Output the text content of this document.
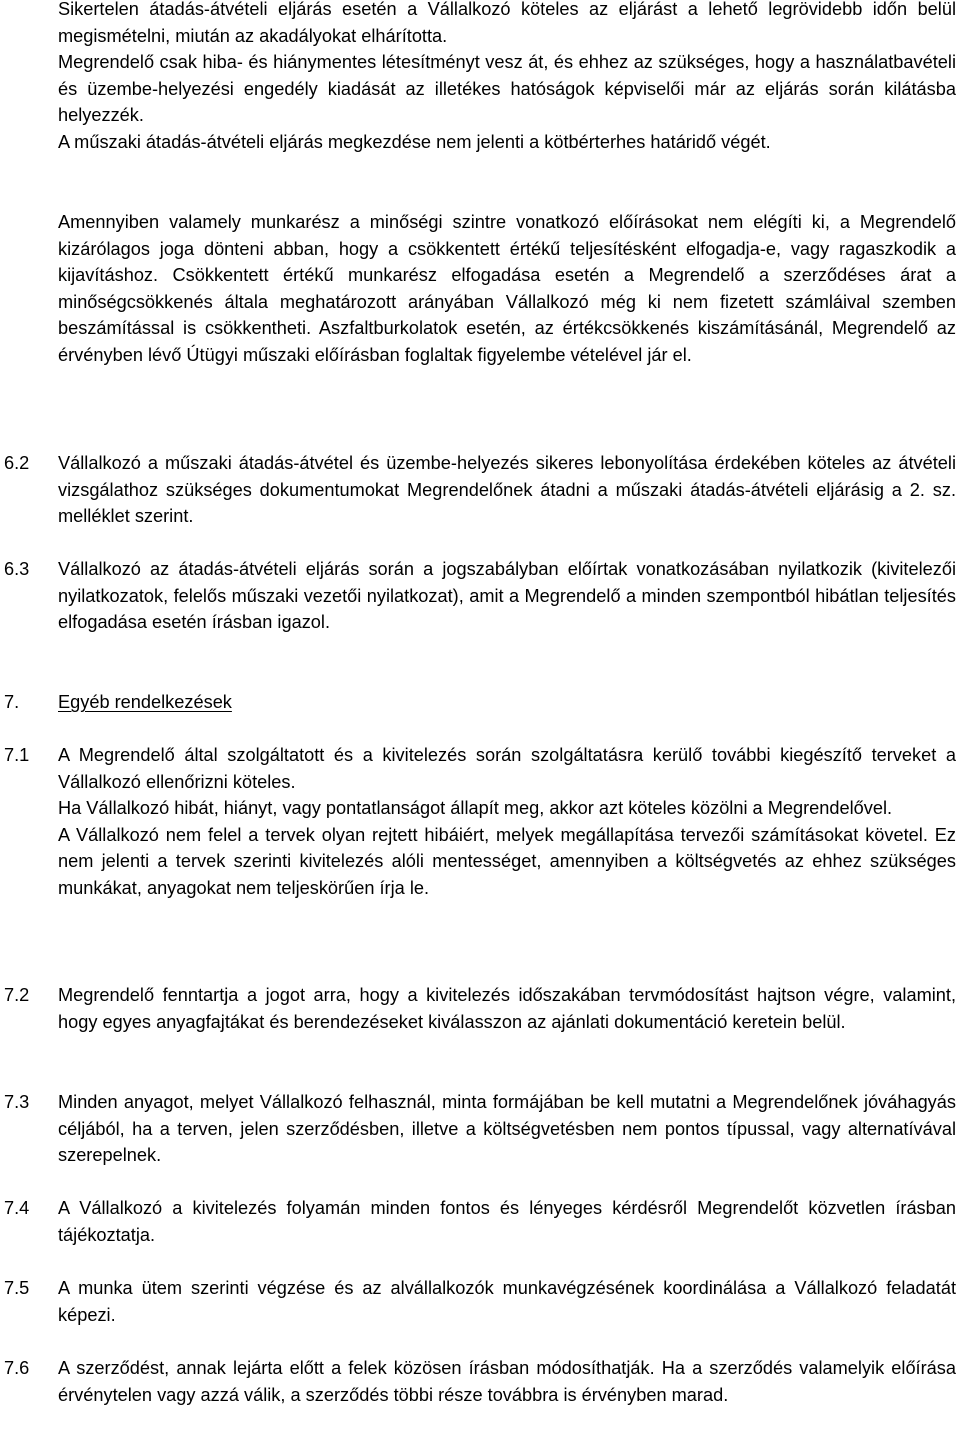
Sikertelen átadás-átvételi eljárás esetén a Vállalkozó köteles az eljárást a lehető legrövidebb időn belül megismételni, miután az akadályokat elhárította.

Megrendelő csak hiba- és hiánymentes létesítményt vesz át, és ehhez az szükséges, hogy a használatbavételi és üzembe-helyezési engedély kiadását az illetékes hatóságok képviselői már az eljárás során kilátásba helyezzék.

A műszaki átadás-átvételi eljárás megkezdése nem jelenti a kötbérterhes határidő végét.

Amennyiben valamely munkarész a minőségi szintre vonatkozó előírásokat nem elégíti ki, a Megrendelő kizárólagos joga dönteni abban, hogy a csökkentett értékű teljesítésként elfogadja-e, vagy ragaszkodik a kijavításhoz. Csökkentett értékű munkarész elfogadása esetén a Megrendelő a szerződéses árat a minőségcsökkenés általa meghatározott arányában Vállalkozó még ki nem fizetett számláival szemben beszámítással is csökkentheti. Aszfaltburkolatok esetén, az értékcsökkenés kiszámításánál, Megrendelő az érvényben lévő Útügyi műszaki előírásban foglaltak figyelembe vételével jár el.

6.2 Vállalkozó a műszaki átadás-átvétel és üzembe-helyezés sikeres lebonyolítása érdekében köteles az átvételi vizsgálathoz szükséges dokumentumokat Megrendelőnek átadni a műszaki átadás-átvételi eljárásig a 2. sz. melléklet szerint.

6.3 Vállalkozó az átadás-átvételi eljárás során a jogszabályban előírtak vonatkozásában nyilatkozik (kivitelezői nyilatkozatok, felelős műszaki vezetői nyilatkozat), amit a Megrendelő a minden szempontból hibátlan teljesítés elfogadása esetén írásban igazol.

7. Egyéb rendelkezések
7.1 A Megrendelő által szolgáltatott és a kivitelezés során szolgáltatásra kerülő további kiegészítő terveket a Vállalkozó ellenőrizni köteles.

Ha Vállalkozó hibát, hiányt, vagy pontatlanságot állapít meg, akkor azt köteles közölni a Megrendelővel.

A Vállalkozó nem felel a tervek olyan rejtett hibáiért, melyek megállapítása tervezői számításokat követel. Ez nem jelenti a tervek szerinti kivitelezés alóli mentességet, amennyiben a költségvetés az ehhez szükséges munkákat, anyagokat nem teljeskörűen írja le.

7.2 Megrendelő fenntartja a jogot arra, hogy a kivitelezés időszakában tervmódosítást hajtson végre, valamint, hogy egyes anyagfajtákat és berendezéseket kiválasszon az ajánlati dokumentáció keretein belül.

7.3 Minden anyagot, melyet Vállalkozó felhasznál, minta formájában be kell mutatni a Megrendelőnek jóváhagyás céljából, ha a terven, jelen szerződésben, illetve a költségvetésben nem pontos típussal, vagy alternatívával szerepelnek.

7.4 A Vállalkozó a kivitelezés folyamán minden fontos és lényeges kérdésről Megrendelőt közvetlen írásban tájékoztatja.

7.5 A munka ütem szerinti végzése és az alvállalkozók munkavégzésének koordinálása a Vállalkozó feladatát képezi.

7.6 A szerződést, annak lejárta előtt a felek közösen írásban módosíthatják. Ha a szerződés valamelyik előírása érvénytelen vagy azzá válik, a szerződés többi része továbbra is érvényben marad.
